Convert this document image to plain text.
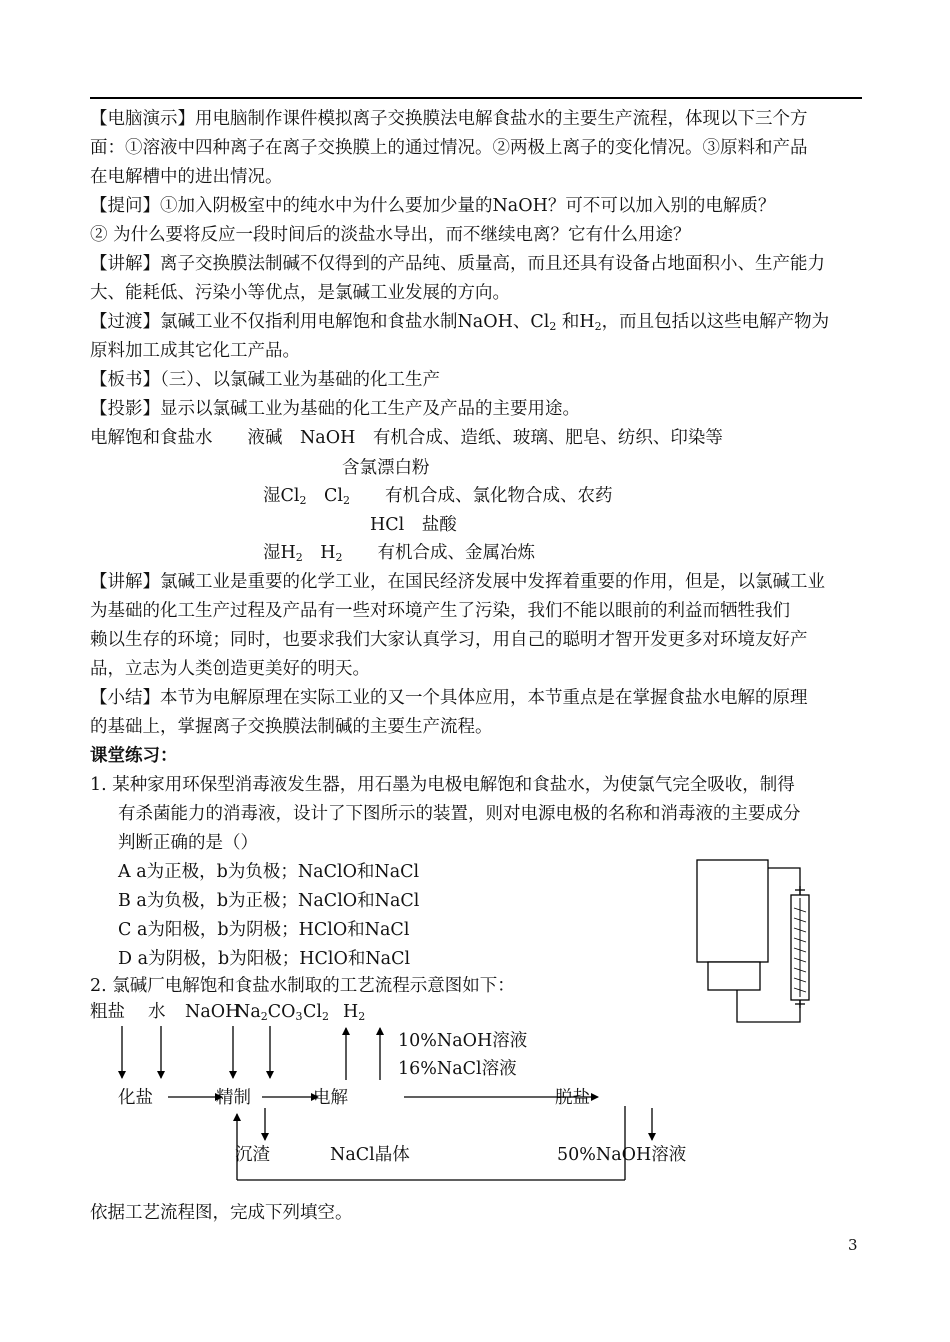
【电脑演示】用电脑制作课件模拟离子交换膜法电解食盐水的主要生产流程，体现以下三个方
面：①溶液中四种离子在离子交换膜上的通过情况。②两极上离子的变化情况。③原料和产品
在电解槽中的进出情况。
【提问】①加入阴极室中的纯水中为什么要加少量的NaOH？可不可以加入别的电解质？
② 为什么要将反应一段时间后的淡盐水导出，而不继续电离？它有什么用途？
【讲解】离子交换膜法制碱不仅得到的产品纯、质量高，而且还具有设备占地面积小、生产能力
大、能耗低、污染小等优点，是氯碱工业发展的方向。
【过渡】氯碱工业不仅指利用电解饱和食盐水制NaOH、$Cl_2$ 和$H_2$，而且包括以这些电解产物为
原料加工成其它化工产品。
【板书】（三）、以氯碱工业为基础的化工生产
【投影】显示以氯碱工业为基础的化工生产及产品的主要用途。
电解饱和食盐水　　液碱　NaOH　有机合成、造纸、玻璃、肥皂、纺织、印染等
含氯漂白粉
湿$Cl_2$　$Cl_2$　　有机合成、氯化物合成、农药
HCl　盐酸
湿$H_2$　$H_2$　　有机合成、金属冶炼
【讲解】氯碱工业是重要的化学工业，在国民经济发展中发挥着重要的作用，但是，以氯碱工业
为基础的化工生产过程及产品有一些对环境产生了污染，我们不能以眼前的利益而牺牲我们
赖以生存的环境；同时，也要求我们大家认真学习，用自己的聪明才智开发更多对环境友好产
品，立志为人类创造更美好的明天。
【小结】本节为电解原理在实际工业的又一个具体应用，本节重点是在掌握食盐水电解的原理
的基础上，掌握离子交换膜法制碱的主要生产流程。
课堂练习：
1. 某种家用环保型消毒液发生器，用石墨为电极电解饱和食盐水，为使氯气完全吸收，制得
有杀菌能力的消毒液，设计了下图所示的装置，则对电源电极的名称和消毒液的主要成分
判断正确的是（）
A a为正极，b为负极；NaClO和NaCl
B a为负极，b为正极；NaClO和NaCl
C a为阳极，b为阴极；HClO和NaCl
D a为阴极，b为阳极；HClO和NaCl
2. 氯碱厂电解饱和食盐水制取的工艺流程示意图如下：
粗盐 水 NaOH
$Na_2CO_3$ $Cl_2$ $H_2$
10%NaOH溶液
16%NaCl溶液
化盐	精制	电解	脱盐
沉渣	NaCl晶体	50%NaOH溶液
依据工艺流程图，完成下列填空。
3
